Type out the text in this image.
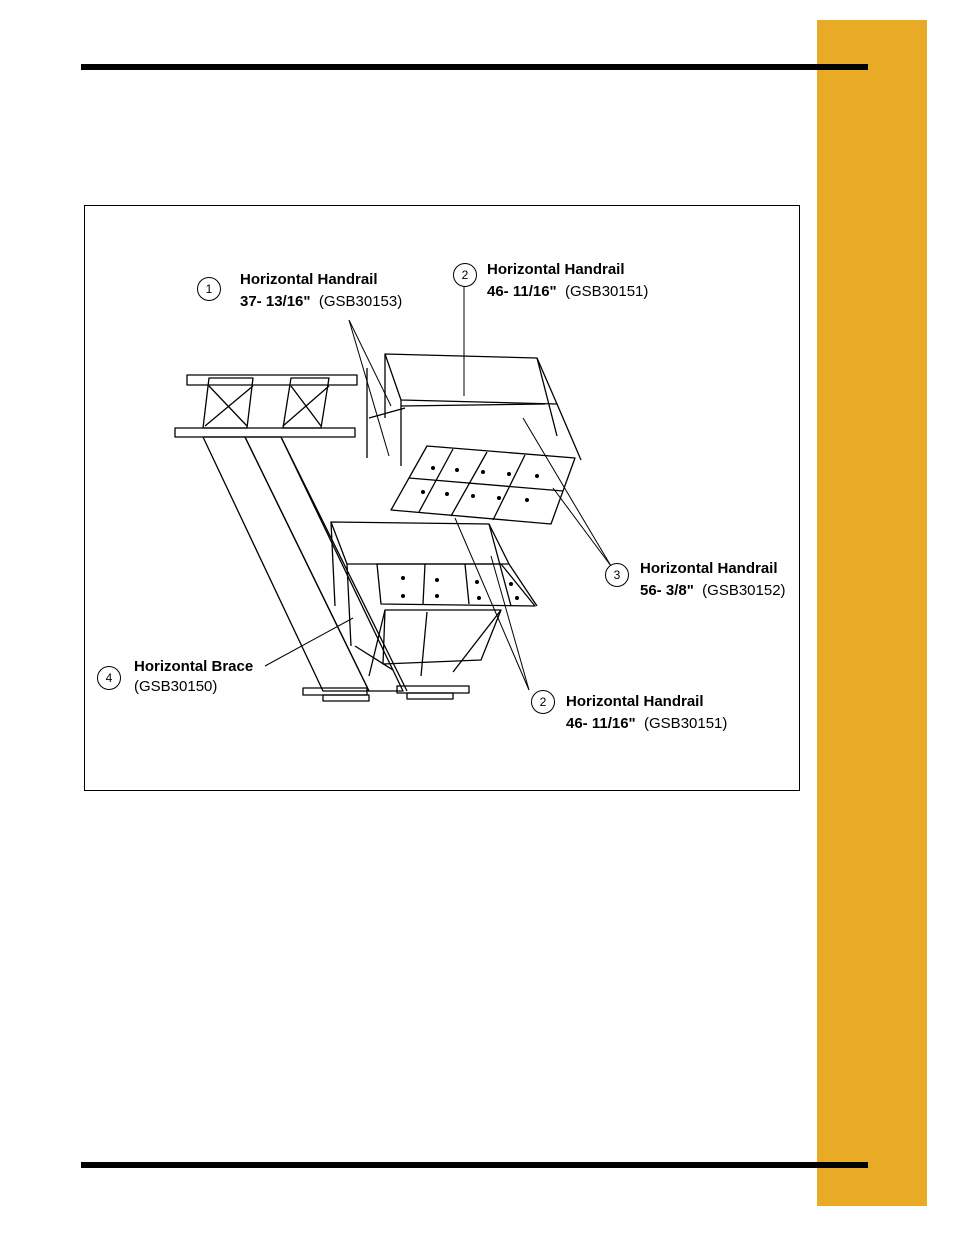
1
Horizontal Handrail
37- 13/16" (GSB30153)
2	Horizontal Handrail
46- 11/16" (GSB30151)
3	Horizontal Handrail
56- 3/8" (GSB30152)
4
Horizontal Brace
(GSB30150)
2	Horizontal Handrail
46- 11/16" (GSB30151)
